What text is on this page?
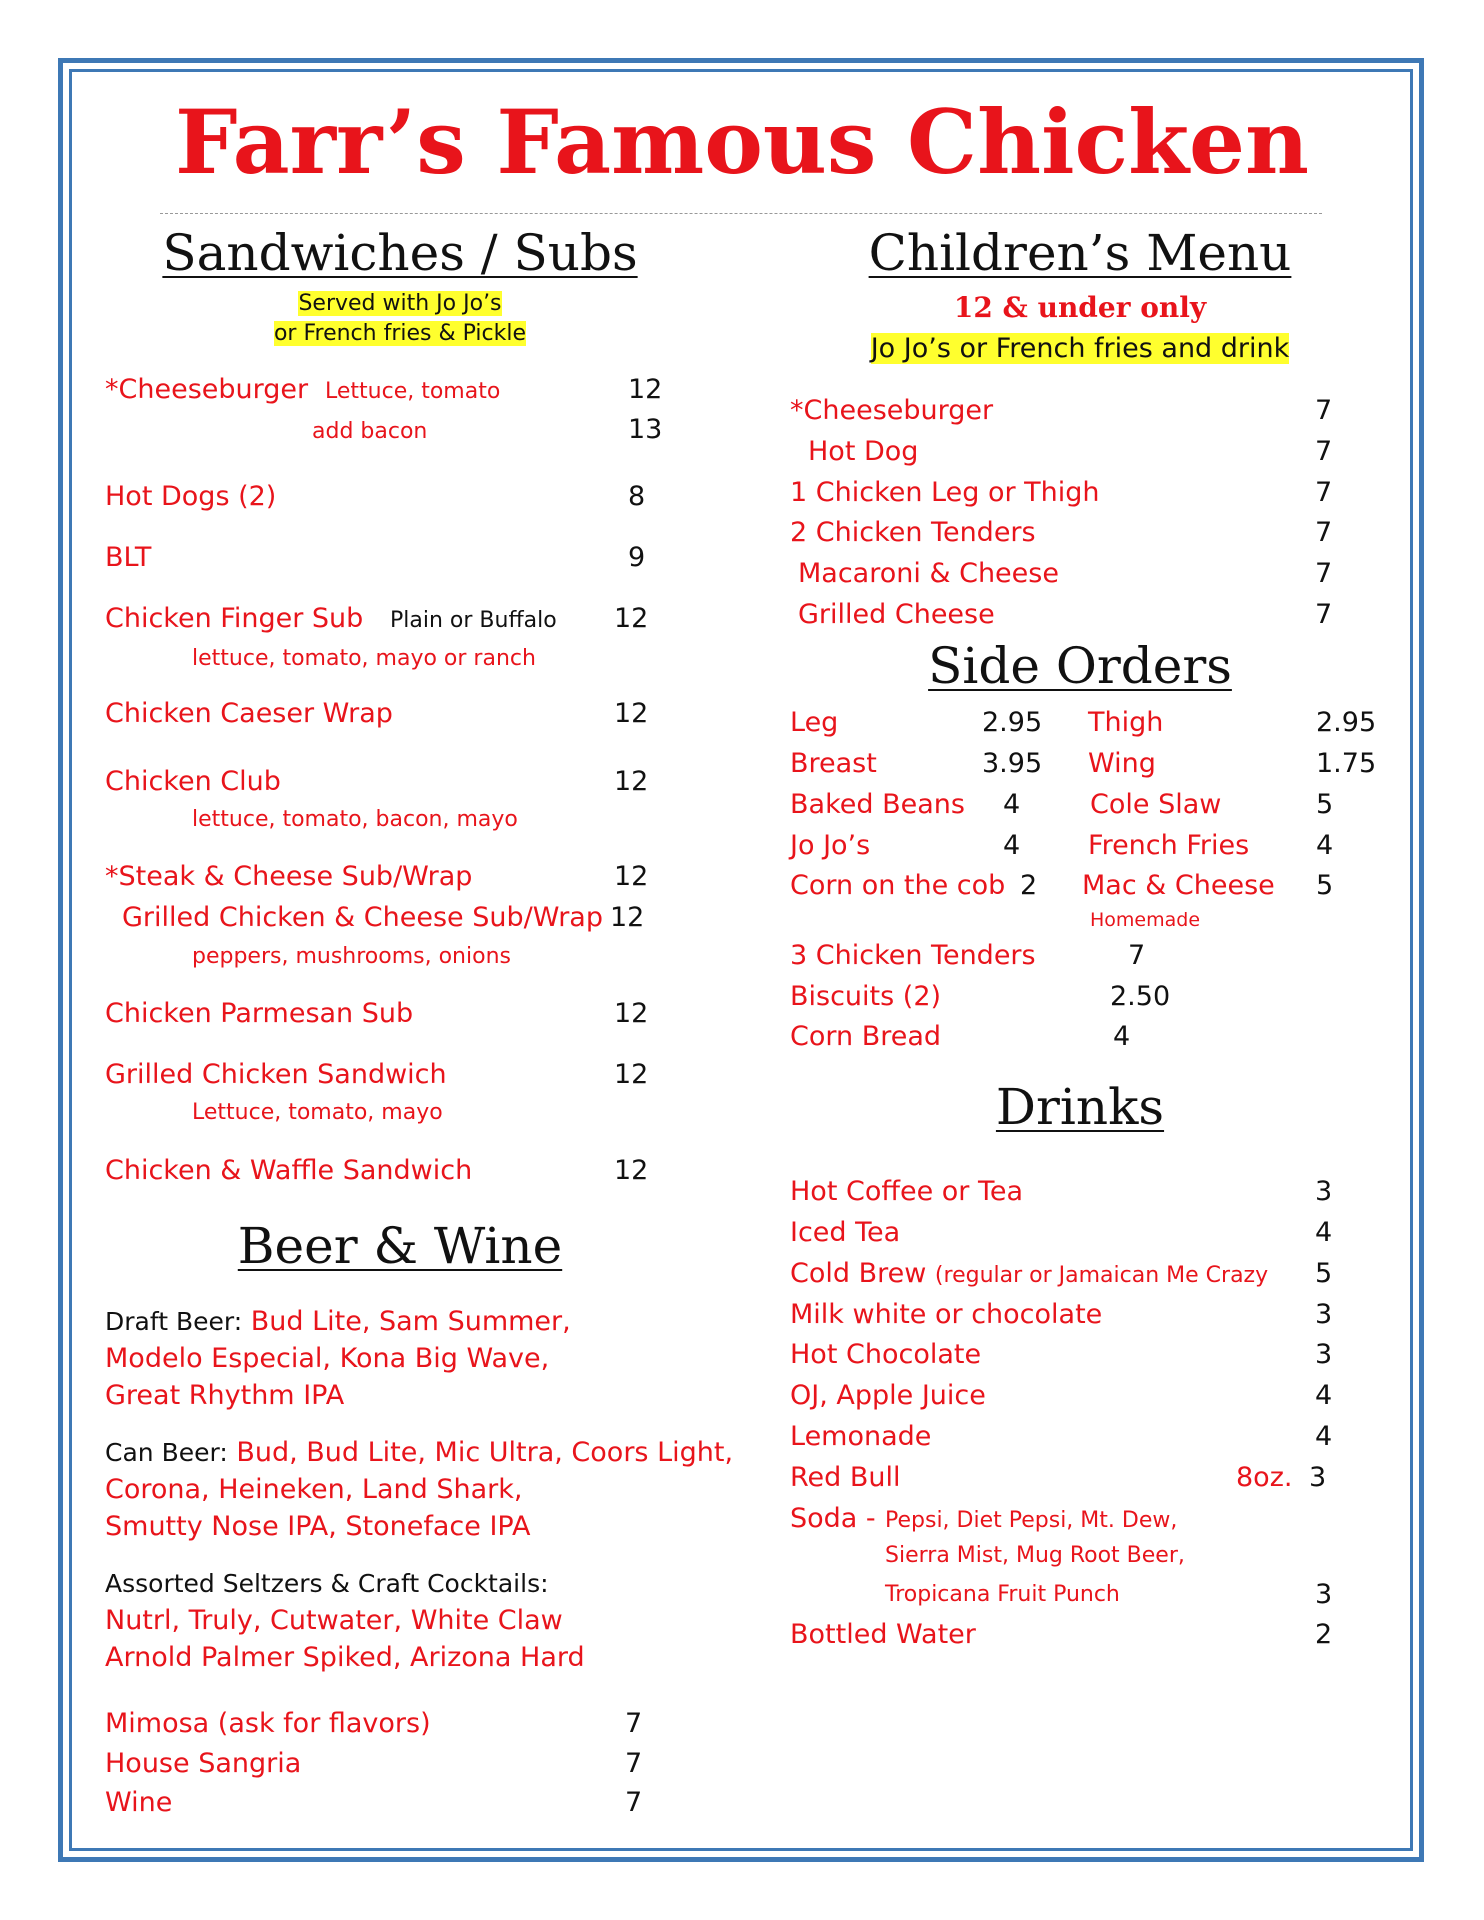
Farr’s Famous Chicken
Sandwiches / Subs
Served with Jo Jo’s
or French fries & Pickle
*Cheeseburger Lettuce, tomato	12
add bacon	13
Hot Dogs (2)	8
BLT	9
Chicken Finger Sub Plain or Buffalo 12
lettuce, tomato, mayo or ranch
Chicken Caeser Wrap	12
Chicken Club	12
lettuce, tomato, bacon, mayo
*Steak & Cheese Sub/Wrap	12
Grilled Chicken & Cheese Sub/Wrap 12
peppers, mushrooms, onions
Chicken Parmesan Sub	12
Grilled Chicken Sandwich	12
Lettuce, tomato, mayo
Chicken & Waffle Sandwich	12
Beer & Wine
Draft Beer: Bud Lite, Sam Summer,
Modelo Especial, Kona Big Wave,
Great Rhythm IPA
Can Beer: Bud, Bud Lite, Mic Ultra, Coors Light,
Corona, Heineken, Land Shark,
Smutty Nose IPA, Stoneface IPA
Assorted Seltzers & Craft Cocktails:
Nutrl, Truly, Cutwater, White Claw
Arnold Palmer Spiked, Arizona Hard
Mimosa (ask for flavors)	7
House Sangria	7
Wine	7
Children’s Menu
12 & under only
Jo Jo’s or French fries and drink
*Cheeseburger	7
Hot Dog	7
1 Chicken Leg or Thigh	7
2 Chicken Tenders	7
Macaroni & Cheese	7
Grilled Cheese	7
Side Orders
Leg	2.95 Thigh	2.95
Breast	3.95 Wing	1.75
Baked Beans 4	Cole Slaw	5
Jo Jo’s	4	French Fries 4
Corn on the cob 2 Mac & Cheese 5
Homemade
3 Chicken Tenders	7
Biscuits (2)	2.50
Corn Bread	4
Drinks
Hot Coffee or Tea	3
Iced Tea	4
Cold Brew (regular or Jamaican Me Crazy 5
Milk white or chocolate	3
Hot Chocolate	3
OJ, Apple Juice	4
Lemonade	4
Red Bull	8oz. 3
Soda - Pepsi, Diet Pepsi, Mt. Dew,
Sierra Mist, Mug Root Beer,
Tropicana Fruit Punch	3
Bottled Water	2
